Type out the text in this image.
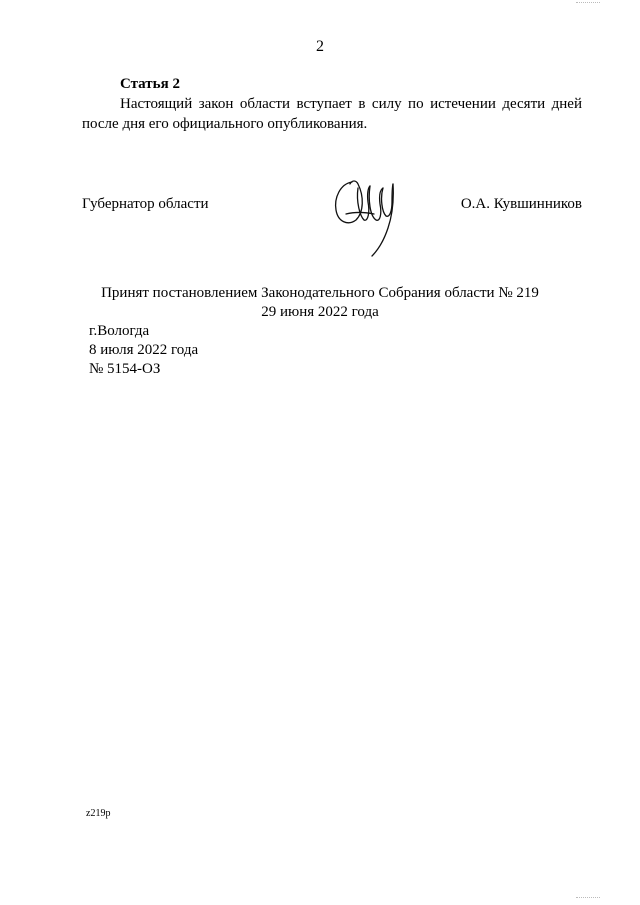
2
Статья 2

Настоящий закон области вступает в силу по истечении десяти дней после дня его официального опубликования.

Губернатор области	О.А. Кувшинников
Принят постановлением Законодательного Собрания области № 219
29 июня 2022 года
г.Вологда
8 июля 2022 года
№ 5154-ОЗ
z219р
